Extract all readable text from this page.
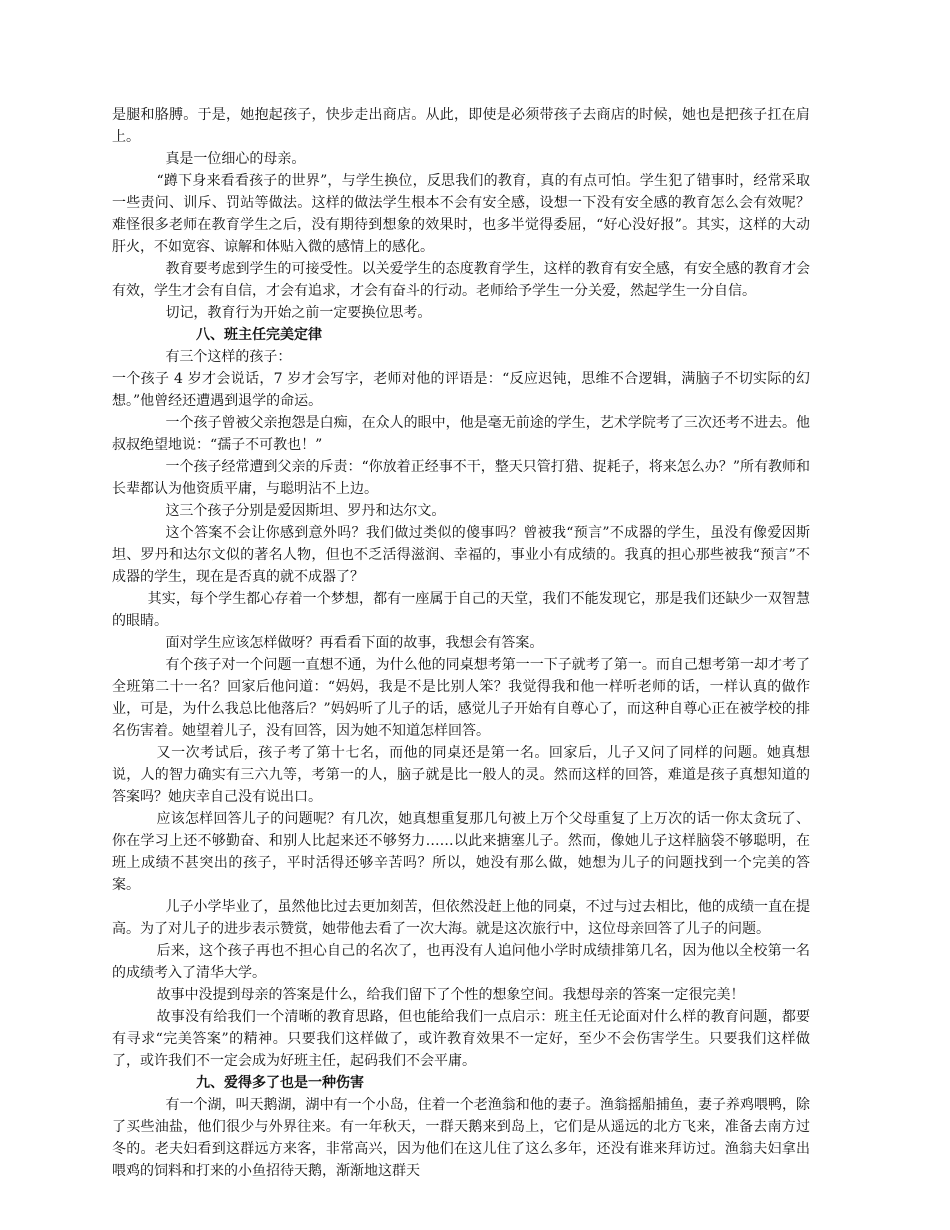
是腿和胳膊。于是，她抱起孩子，快步走出商店。从此，即使是必须带孩子去商店的时候，她也是把孩子扛在肩上。

真是一位细心的母亲。

“蹲下身来看看孩子的世界”，与学生换位，反思我们的教育，真的有点可怕。学生犯了错事时，经常采取一些责问、训斥、罚站等做法。这样的做法学生根本不会有安全感，设想一下没有安全感的教育怎么会有效呢？难怪很多老师在教育学生之后，没有期待到想象的效果时，也多半觉得委屈，“好心没好报”。其实，这样的大动肝火，不如宽容、谅解和体贴入微的感情上的感化。

教育要考虑到学生的可接受性。以关爱学生的态度教育学生，这样的教育有安全感，有安全感的教育才会有效，学生才会有自信，才会有追求，才会有奋斗的行动。老师给予学生一分关爱，然起学生一分自信。

切记，教育行为开始之前一定要换位思考。

八、班主任完美定律

有三个这样的孩子：

一个孩子 4 岁才会说话，7 岁才会写字，老师对他的评语是：“反应迟钝，思维不合逻辑，满脑子不切实际的幻想。”他曾经还遭遇到退学的命运。

一个孩子曾被父亲抱怨是白痴，在众人的眼中，他是毫无前途的学生，艺术学院考了三次还考不进去。他叔叔绝望地说：“孺子不可教也！”

一个孩子经常遭到父亲的斥责：“你放着正经事不干，整天只管打猎、捉耗子，将来怎么办？”所有教师和长辈都认为他资质平庸，与聪明沾不上边。

这三个孩子分别是爱因斯坦、罗丹和达尔文。

这个答案不会让你感到意外吗？我们做过类似的傻事吗？曾被我“预言”不成器的学生，虽没有像爱因斯坦、罗丹和达尔文似的著名人物，但也不乏活得滋润、幸福的，事业小有成绩的。我真的担心那些被我“预言”不成器的学生，现在是否真的就不成器了？

其实，每个学生都心存着一个梦想，都有一座属于自己的天堂，我们不能发现它，那是我们还缺少一双智慧的眼睛。

面对学生应该怎样做呀？再看看下面的故事，我想会有答案。

有个孩子对一个问题一直想不通，为什么他的同桌想考第一一下子就考了第一。而自己想考第一却才考了全班第二十一名？回家后他问道：“妈妈，我是不是比别人笨？我觉得我和他一样听老师的话，一样认真的做作业，可是，为什么我总比他落后？”妈妈听了儿子的话，感觉儿子开始有自尊心了，而这种自尊心正在被学校的排名伤害着。她望着儿子，没有回答，因为她不知道怎样回答。

又一次考试后，孩子考了第十七名，而他的同桌还是第一名。回家后，儿子又问了同样的问题。她真想说，人的智力确实有三六九等，考第一的人，脑子就是比一般人的灵。然而这样的回答，难道是孩子真想知道的答案吗？她庆幸自己没有说出口。

应该怎样回答儿子的问题呢？有几次，她真想重复那几句被上万个父母重复了上万次的话一你太贪玩了、你在学习上还不够勤奋、和别人比起来还不够努力……以此来搪塞儿子。然而，像她儿子这样脑袋不够聪明，在班上成绩不甚突出的孩子，平时活得还够辛苦吗？所以，她没有那么做，她想为儿子的问题找到一个完美的答案。

儿子小学毕业了，虽然他比过去更加刻苦，但依然没赶上他的同桌，不过与过去相比，他的成绩一直在提高。为了对儿子的进步表示赞赏，她带他去看了一次大海。就是这次旅行中，这位母亲回答了儿子的问题。

后来，这个孩子再也不担心自己的名次了，也再没有人追问他小学时成绩排第几名，因为他以全校第一名的成绩考入了清华大学。

故事中没提到母亲的答案是什么，给我们留下了个性的想象空间。我想母亲的答案一定很完美！

故事没有给我们一个清晰的教育思路，但也能给我们一点启示：班主任无论面对什么样的教育问题，都要有寻求“完美答案”的精神。只要我们这样做了，或许教育效果不一定好，至少不会伤害学生。只要我们这样做了，或许我们不一定会成为好班主任，起码我们不会平庸。

九、爱得多了也是一种伤害

有一个湖，叫天鹅湖，湖中有一个小岛，住着一个老渔翁和他的妻子。渔翁摇船捕鱼，妻子养鸡喂鸭，除了买些油盐，他们很少与外界往来。有一年秋天，一群天鹅来到岛上，它们是从遥远的北方飞来，准备去南方过冬的。老夫妇看到这群远方来客，非常高兴，因为他们在这儿住了这么多年，还没有谁来拜访过。渔翁夫妇拿出喂鸡的饲料和打来的小鱼招待天鹅，渐渐地这群天
